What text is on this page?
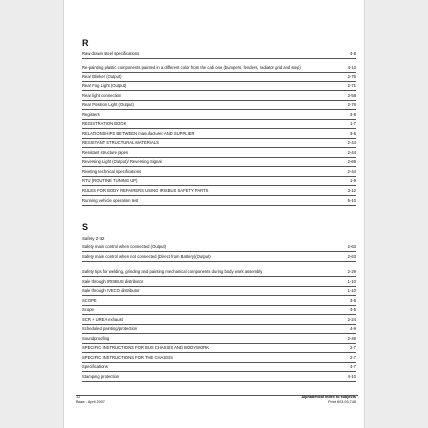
R
Raw drawn steel specifications	4-8
Re-painting plastic components painted in a different color from the cab one (bumpers, fenders, radiator grid and step)	4-13
Rear Blinker (Output)	2-76
Rear Fog Light (Output)	2-71
Rear light connection	2-58
Rear Position Light (Output)	2-76
Registers	3-8
REGISTRATION BOOK	1-7
RELATIONSHIPS BETWEEN manufacturer AND SUPPLIER	3-6
RESISTANT STRUCTURAL MATERIALS	2-44
Resistant structure pipes	2-44
Reversing Light (Output)/ Reversing Signal	2-69
Riveting technical specifications	2-44
RTU (ROUTINE TUNING UP)	1-9
RULES FOR BODY REPAIRERS USING IRISBUS SAFETY PARTS	3-12
Running vehicle operation test	5-10
S
Safety 2-32
Safety main control when connected (Output)	2-63
Safety main control when not connected (Direct from Battery)(Output)	2-63
Safety tips for welding, grinding and painting mechanical components during body work assembly	2-29
Sale through IRISBUS distributor	1-10
Sale through IVECO distributor	1-10
SCOPE	3-5
Scope	4-5
SCR + UREA exhaust	2-24
Scheduled painting/protection	4-9
Soundproofing	2-49
SPECIFIC INSTRUCTIONS FOR BUS CHASSIS AND BODYWORK	2-7
SPECIFIC INSTRUCTIONS FOR THE CHASSIS	2-7
Specifications	4-7
Stamping protection	4-10
12
Base - April 2007
Alphabetical index to subjects
Print 603.93.748
